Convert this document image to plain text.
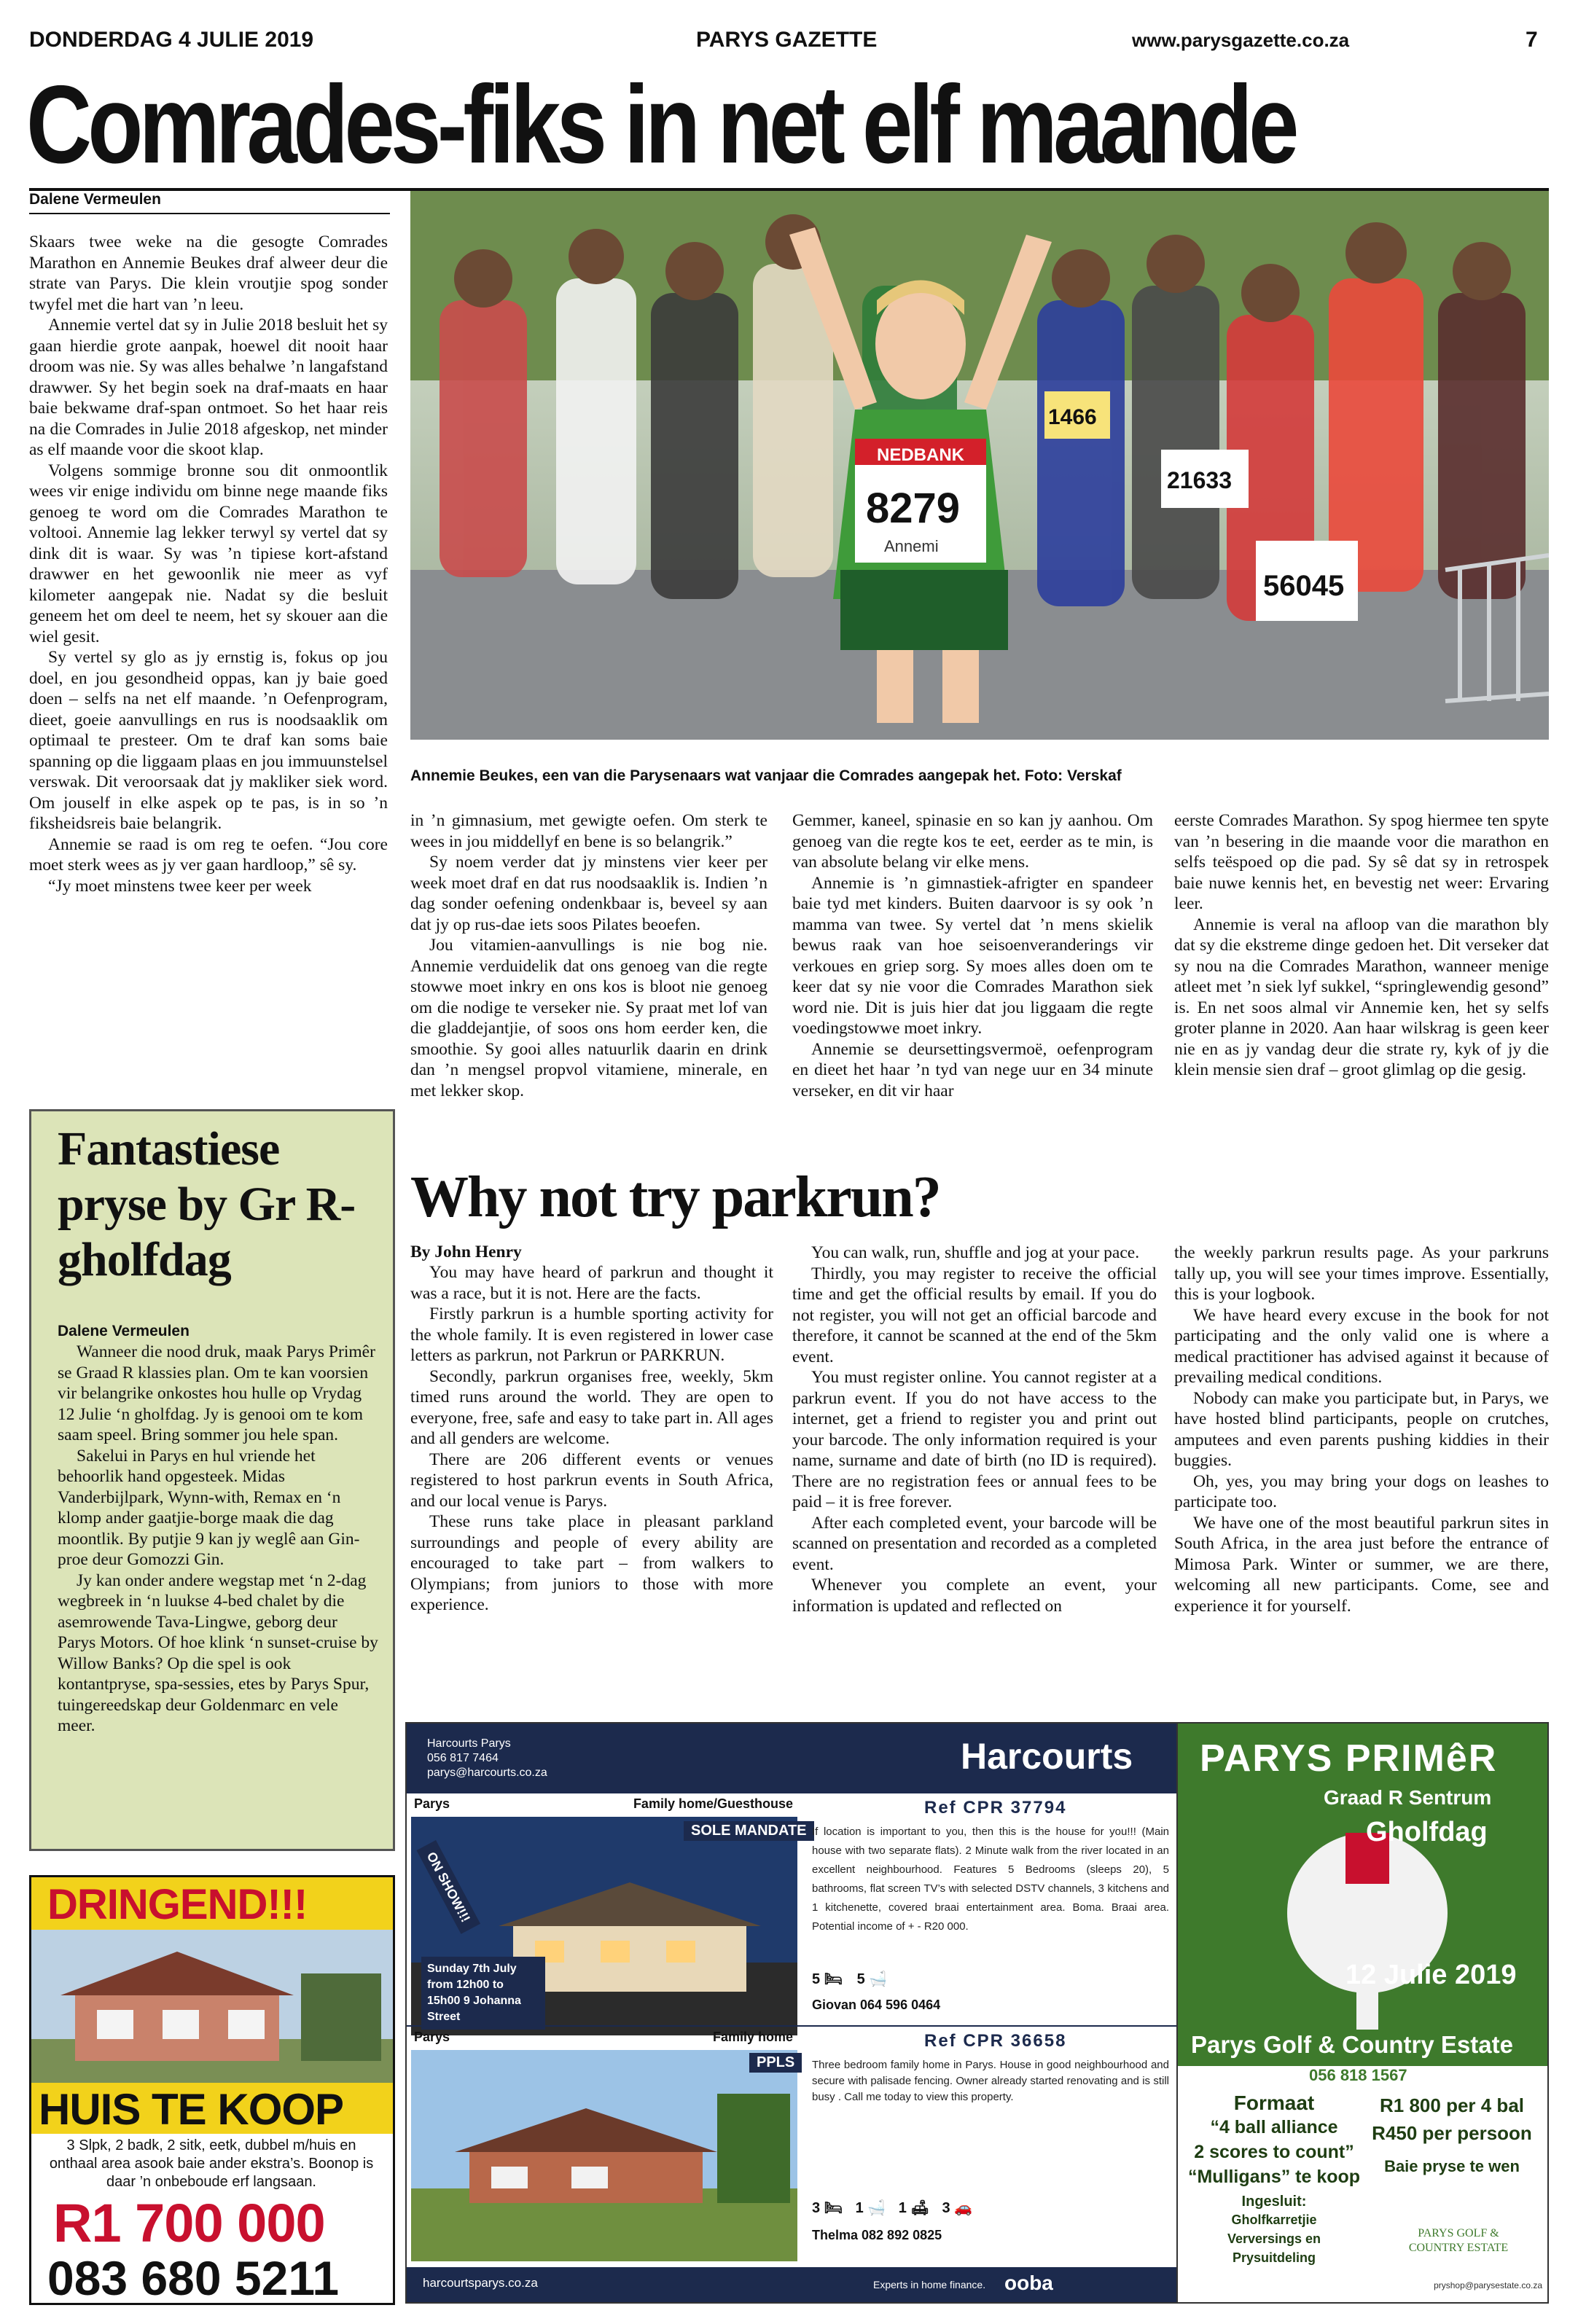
DONDERDAG 4 JULIE 2019	PARYS GAZETTE	www.parysgazette.co.za	7
Comrades-fiks in net elf maande
Dalene Vermeulen

Skaars twee weke na die gesogte Comrades Marathon en Annemie Beukes draf alweer deur die strate van Parys. Die klein vroutjie spog sonder twyfel met die hart van ’n leeu.

Annemie vertel dat sy in Julie 2018 besluit het sy gaan hierdie grote aanpak, hoewel dit nooit haar droom was nie. Sy was alles behalwe ’n langafstand drawwer. Sy het begin soek na draf-maats en haar baie bekwame draf-span ontmoet. So het haar reis na die Comrades in Julie 2018 afgeskop, net minder as elf maande voor die skoot klap.

Volgens sommige bronne sou dit onmoontlik wees vir enige individu om binne nege maande fiks genoeg te word om die Comrades Marathon te voltooi. Annemie lag lekker terwyl sy vertel dat sy dink dit is waar. Sy was ’n tipiese kort-afstand drawwer en het gewoonlik nie meer as vyf kilometer aangepak nie. Nadat sy die besluit geneem het om deel te neem, het sy skouer aan die wiel gesit.

Sy vertel sy glo as jy ernstig is, fokus op jou doel, en jou gesondheid oppas, kan jy baie goed doen – selfs na net elf maande. ’n Oefenprogram, dieet, goeie aanvullings en rus is noodsaaklik om optimaal te presteer. Om te draf kan soms baie spanning op die liggaam plaas en jou immuunstelsel verswak. Dit veroorsaak dat jy makliker siek word. Om jouself in elke aspek op te pas, is in so ’n fiksheidsreis baie belangrik.

Annemie se raad is om reg te oefen. “Jou core moet sterk wees as jy ver gaan hardloop,” sê sy.

“Jy moet minstens twee keer per week

NEDBANK
8279
Annemi
56045
21633
1466
Annemie Beukes, een van die Parysenaars wat vanjaar die Comrades aangepak het. Foto: Verskaf

in ’n gimnasium, met gewigte oefen. Om sterk te wees in jou middellyf en bene is so belangrik.”

Sy noem verder dat jy minstens vier keer per week moet draf en dat rus noodsaaklik is. Indien ’n dag sonder oefening ondenkbaar is, beveel sy aan dat jy op rus-dae iets soos Pilates beoefen.

Jou vitamien-aanvullings is nie bog nie. Annemie verduidelik dat ons genoeg van die regte stowwe moet inkry en ons kos is bloot nie genoeg om die nodige te verseker nie. Sy praat met lof van die gladdejantjie, of soos ons hom eerder ken, die smoothie. Sy gooi alles natuurlik daarin en drink dan ’n mengsel propvol vitamiene, minerale, en met lekker skop.

Gemmer, kaneel, spinasie en so kan jy aanhou. Om genoeg van die regte kos te eet, eerder as te min, is van absolute belang vir elke mens.

Annemie is ’n gimnastiek-afrigter en spandeer baie tyd met kinders. Buiten daarvoor is sy ook ’n mamma van twee. Sy vertel dat ’n mens skielik bewus raak van hoe seisoenveranderings vir verkoues en griep sorg. Sy moes alles doen om te keer dat sy nie voor die Comrades Marathon siek word nie. Dit is juis hier dat jou liggaam die regte voedingstowwe moet inkry.

Annemie se deursettingsvermoë, oefenprogram en dieet het haar ’n tyd van nege uur en 34 minute verseker, en dit vir haar

eerste Comrades Marathon. Sy spog hiermee ten spyte van ’n besering in die maande voor die marathon en selfs teëspoed op die pad. Sy sê dat sy in retrospek baie nuwe kennis het, en bevestig net weer: Ervaring leer.

Annemie is veral na afloop van die marathon bly dat sy die ekstreme dinge gedoen het. Dit verseker dat sy nou na die Comrades Marathon, wanneer menige atleet met ’n siek lyf sukkel, “springlewendig gesond” is. En net soos almal vir Annemie ken, het sy selfs groter planne in 2020. Aan haar wilskrag is geen keer nie en as jy vandag deur die strate ry, kyk of jy die klein mensie sien draf – groot glimlag op die gesig.

Fantastiese pryse by Gr R-gholfdag
Dalene Vermeulen

Wanneer die nood druk, maak Parys Primêr se Graad R klassies plan. Om te kan voorsien vir belangrike onkostes hou hulle op Vrydag 12 Julie ‘n gholfdag. Jy is genooi om te kom saam speel. Bring sommer jou hele span.

Sakelui in Parys en hul vriende het behoorlik hand opgesteek. Midas Vanderbijlpark, Wynn-with, Remax en ‘n klomp ander gaatjie-borge maak die dag moontlik. By putjie 9 kan jy weglê aan Gin-proe deur Gomozzi Gin.

Jy kan onder andere wegstap met ‘n 2-dag wegbreek in ‘n luukse 4-bed chalet by die asemrowende Tava-Lingwe, geborg deur Parys Motors. Of hoe klink ‘n sunset-cruise by Willow Banks? Op die spel is ook kontantpryse, spa-sessies, etes by Parys Spur, tuingereedskap deur Goldenmarc en vele meer.

Why not try parkrun?
By John Henry

You may have heard of parkrun and thought it was a race, but it is not. Here are the facts.

Firstly parkrun is a humble sporting activity for the whole family. It is even registered in lower case letters as parkrun, not Parkrun or PARKRUN.

Secondly, parkrun organises free, weekly, 5km timed runs around the world. They are open to everyone, free, safe and easy to take part in. All ages and all genders are welcome.

There are 206 different events or venues registered to host parkrun events in South Africa, and our local venue is Parys.

These runs take place in pleasant parkland surroundings and people of every ability are encouraged to take part – from walkers to Olympians; from juniors to those with more experience.

You can walk, run, shuffle and jog at your pace.

Thirdly, you may register to receive the official time and get the official results by email. If you do not register, you will not get an official barcode and therefore, it cannot be scanned at the end of the 5km event.

You must register online. You cannot register at a parkrun event. If you do not have access to the internet, get a friend to register you and print out your barcode. The only information required is your name, surname and date of birth (no ID is required). There are no registration fees or annual fees to be paid – it is free forever.

After each completed event, your barcode will be scanned on presentation and recorded as a completed event.

Whenever you complete an event, your information is updated and reflected on

the weekly parkrun results page. As your parkruns tally up, you will see your times improve. Essentially, this is your logbook.

We have heard every excuse in the book for not participating and the only valid one is where a medical practitioner has advised against it because of prevailing medical conditions.

Nobody can make you participate but, in Parys, we have hosted blind participants, people on crutches, amputees and even parents pushing kiddies in their buggies.

Oh, yes, you may bring your dogs on leashes to participate too.

We have one of the most beautiful parkrun sites in South Africa, in the area just before the entrance of Mimosa Park. Winter or summer, we are there, welcoming all new participants. Come, see and experience it for yourself.

DRINGEND!!!
HUIS TE KOOP
3 Slpk, 2 badk, 2 sitk, eetk, dubbel m/huis en onthaal area asook baie ander ekstra’s. Boonop is daar ’n onbeboude erf langsaan.
R1 700 000
083 680 5211
Harcourts Parys
056 817 7464
parys@harcourts.co.za	Harcourts
Parys	Family home/Guesthouse
SOLE MANDATE
ON SHOW!!!
Sunday 7th July from 12h00 to 15h00 9 Johanna Street
Ref CPR 37794
If location is important to you, then this is the house for you!!! (Main house with two separate flats). 2 Minute walk from the river located in an excellent neighbourhood. Features 5 Bedrooms (sleeps 20), 5 bathrooms, flat screen TV’s with selected DSTV channels, 3 kitchens and 1 kitchenette, covered braai entertainment area. Boma. Braai area. Potential income of + - R20 000.
5 🛏 5 🛁
Giovan 064 596 0464
Parys	Family home
PPLS
Ref CPR 36658
Three bedroom family home in Parys. House in good neighbourhood and secure with palisade fencing. Owner already started renovating and is still busy . Call me today to view this property.
3 🛏 1 🛁 1 🛋 3 🚗
Thelma 082 892 0825
harcourtsparys.co.za	Experts in home finance. ooba
PARYS PRIMêR
Graad R Sentrum
Gholfdag
12 Julie 2019
Parys Golf & Country Estate
056 818 1567
Formaat
“4 ball alliance
2 scores to count”
“Mulligans” te koop
Ingesluit:
Gholfkarretjie
Verversings en Prysuitdeling
R1 800 per 4 bal
R450 per persoon
Baie pryse te wen
PARYS GOLF & COUNTRY ESTATE
pryshop@parysestate.co.za
